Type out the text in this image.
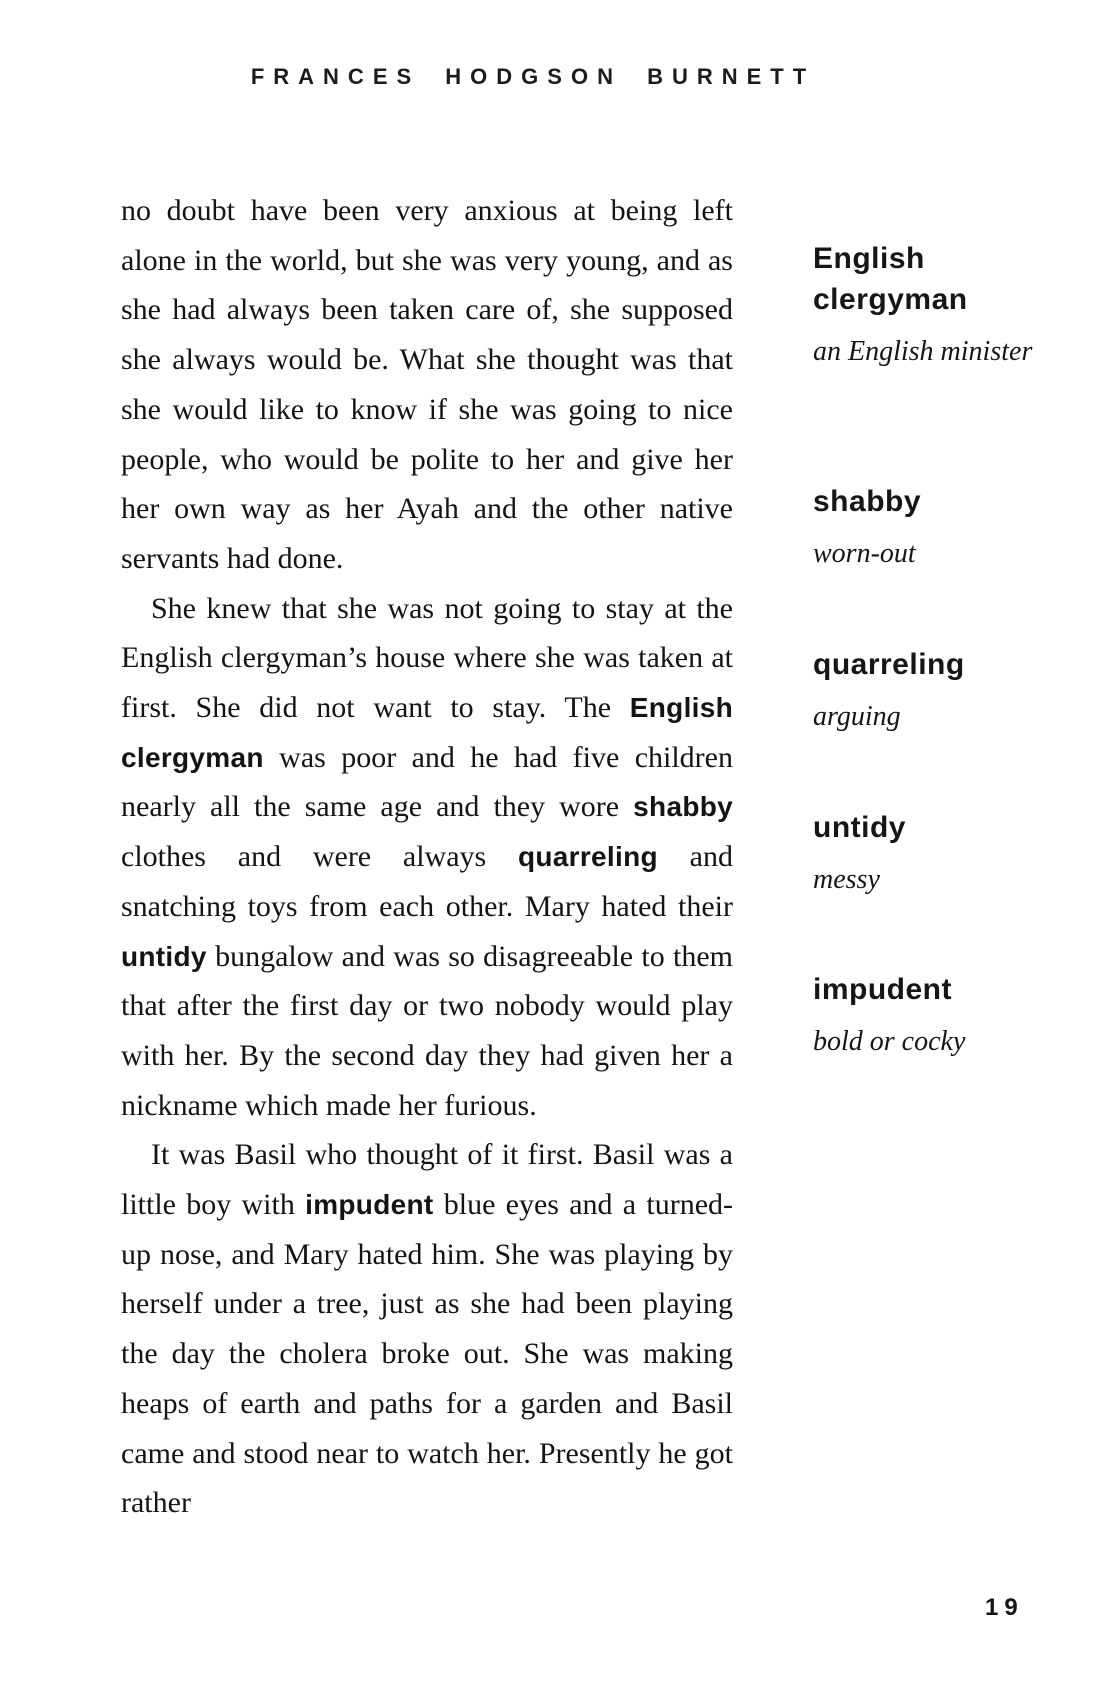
FRANCES HODGSON BURNETT

no doubt have been very anxious at being left alone in the world, but she was very young, and as she had always been taken care of, she supposed she always would be. What she thought was that she would like to know if she was going to nice people, who would be polite to her and give her her own way as her Ayah and the other native servants had done.

She knew that she was not going to stay at the English clergyman’s house where she was taken at first. She did not want to stay. The English clergyman was poor and he had five children nearly all the same age and they wore shabby clothes and were always quarreling and snatching toys from each other. Mary hated their untidy bungalow and was so disagreeable to them that after the first day or two nobody would play with her. By the second day they had given her a nickname which made her furious.

It was Basil who thought of it first. Basil was a little boy with impudent blue eyes and a turned-up nose, and Mary hated him. She was playing by herself under a tree, just as she had been playing the day the cholera broke out. She was making heaps of earth and paths for a garden and Basil came and stood near to watch her. Presently he got rather

English clergyman
an English minister
shabby
worn-out
quarreling
arguing
untidy
messy
impudent
bold or cocky
19
